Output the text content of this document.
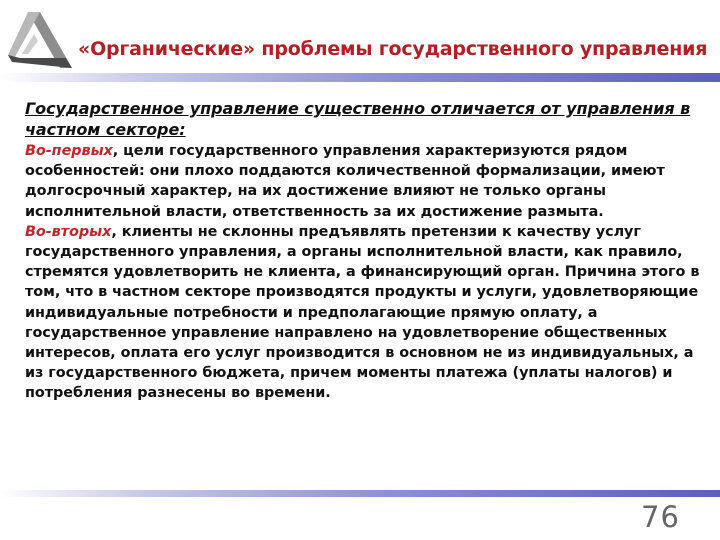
«Органические» проблемы государственного управления

Государственное управление существенно отличается от управления в частном секторе:

Во-первых, цели государственного управления характеризуются рядом особенностей: они плохо поддаются количественной формализации, имеют долгосрочный характер, на их достижение влияют не только органы исполнительной власти, ответственность за их достижение размыта.

Во-вторых, клиенты не склонны предъявлять претензии к качеству услуг государственного управления, а органы исполнительной власти, как правило, стремятся удовлетворить не клиента, а финансирующий орган. Причина этого в том, что в частном секторе производятся продукты и услуги, удовлетворяющие индивидуальные потребности и предполагающие прямую оплату, а государственное управление направлено на удовлетворение общественных интересов, оплата его услуг производится в основном не из индивидуальных, а из государственного бюджета, причем моменты платежа (уплаты налогов) и потребления разнесены во времени.

76
